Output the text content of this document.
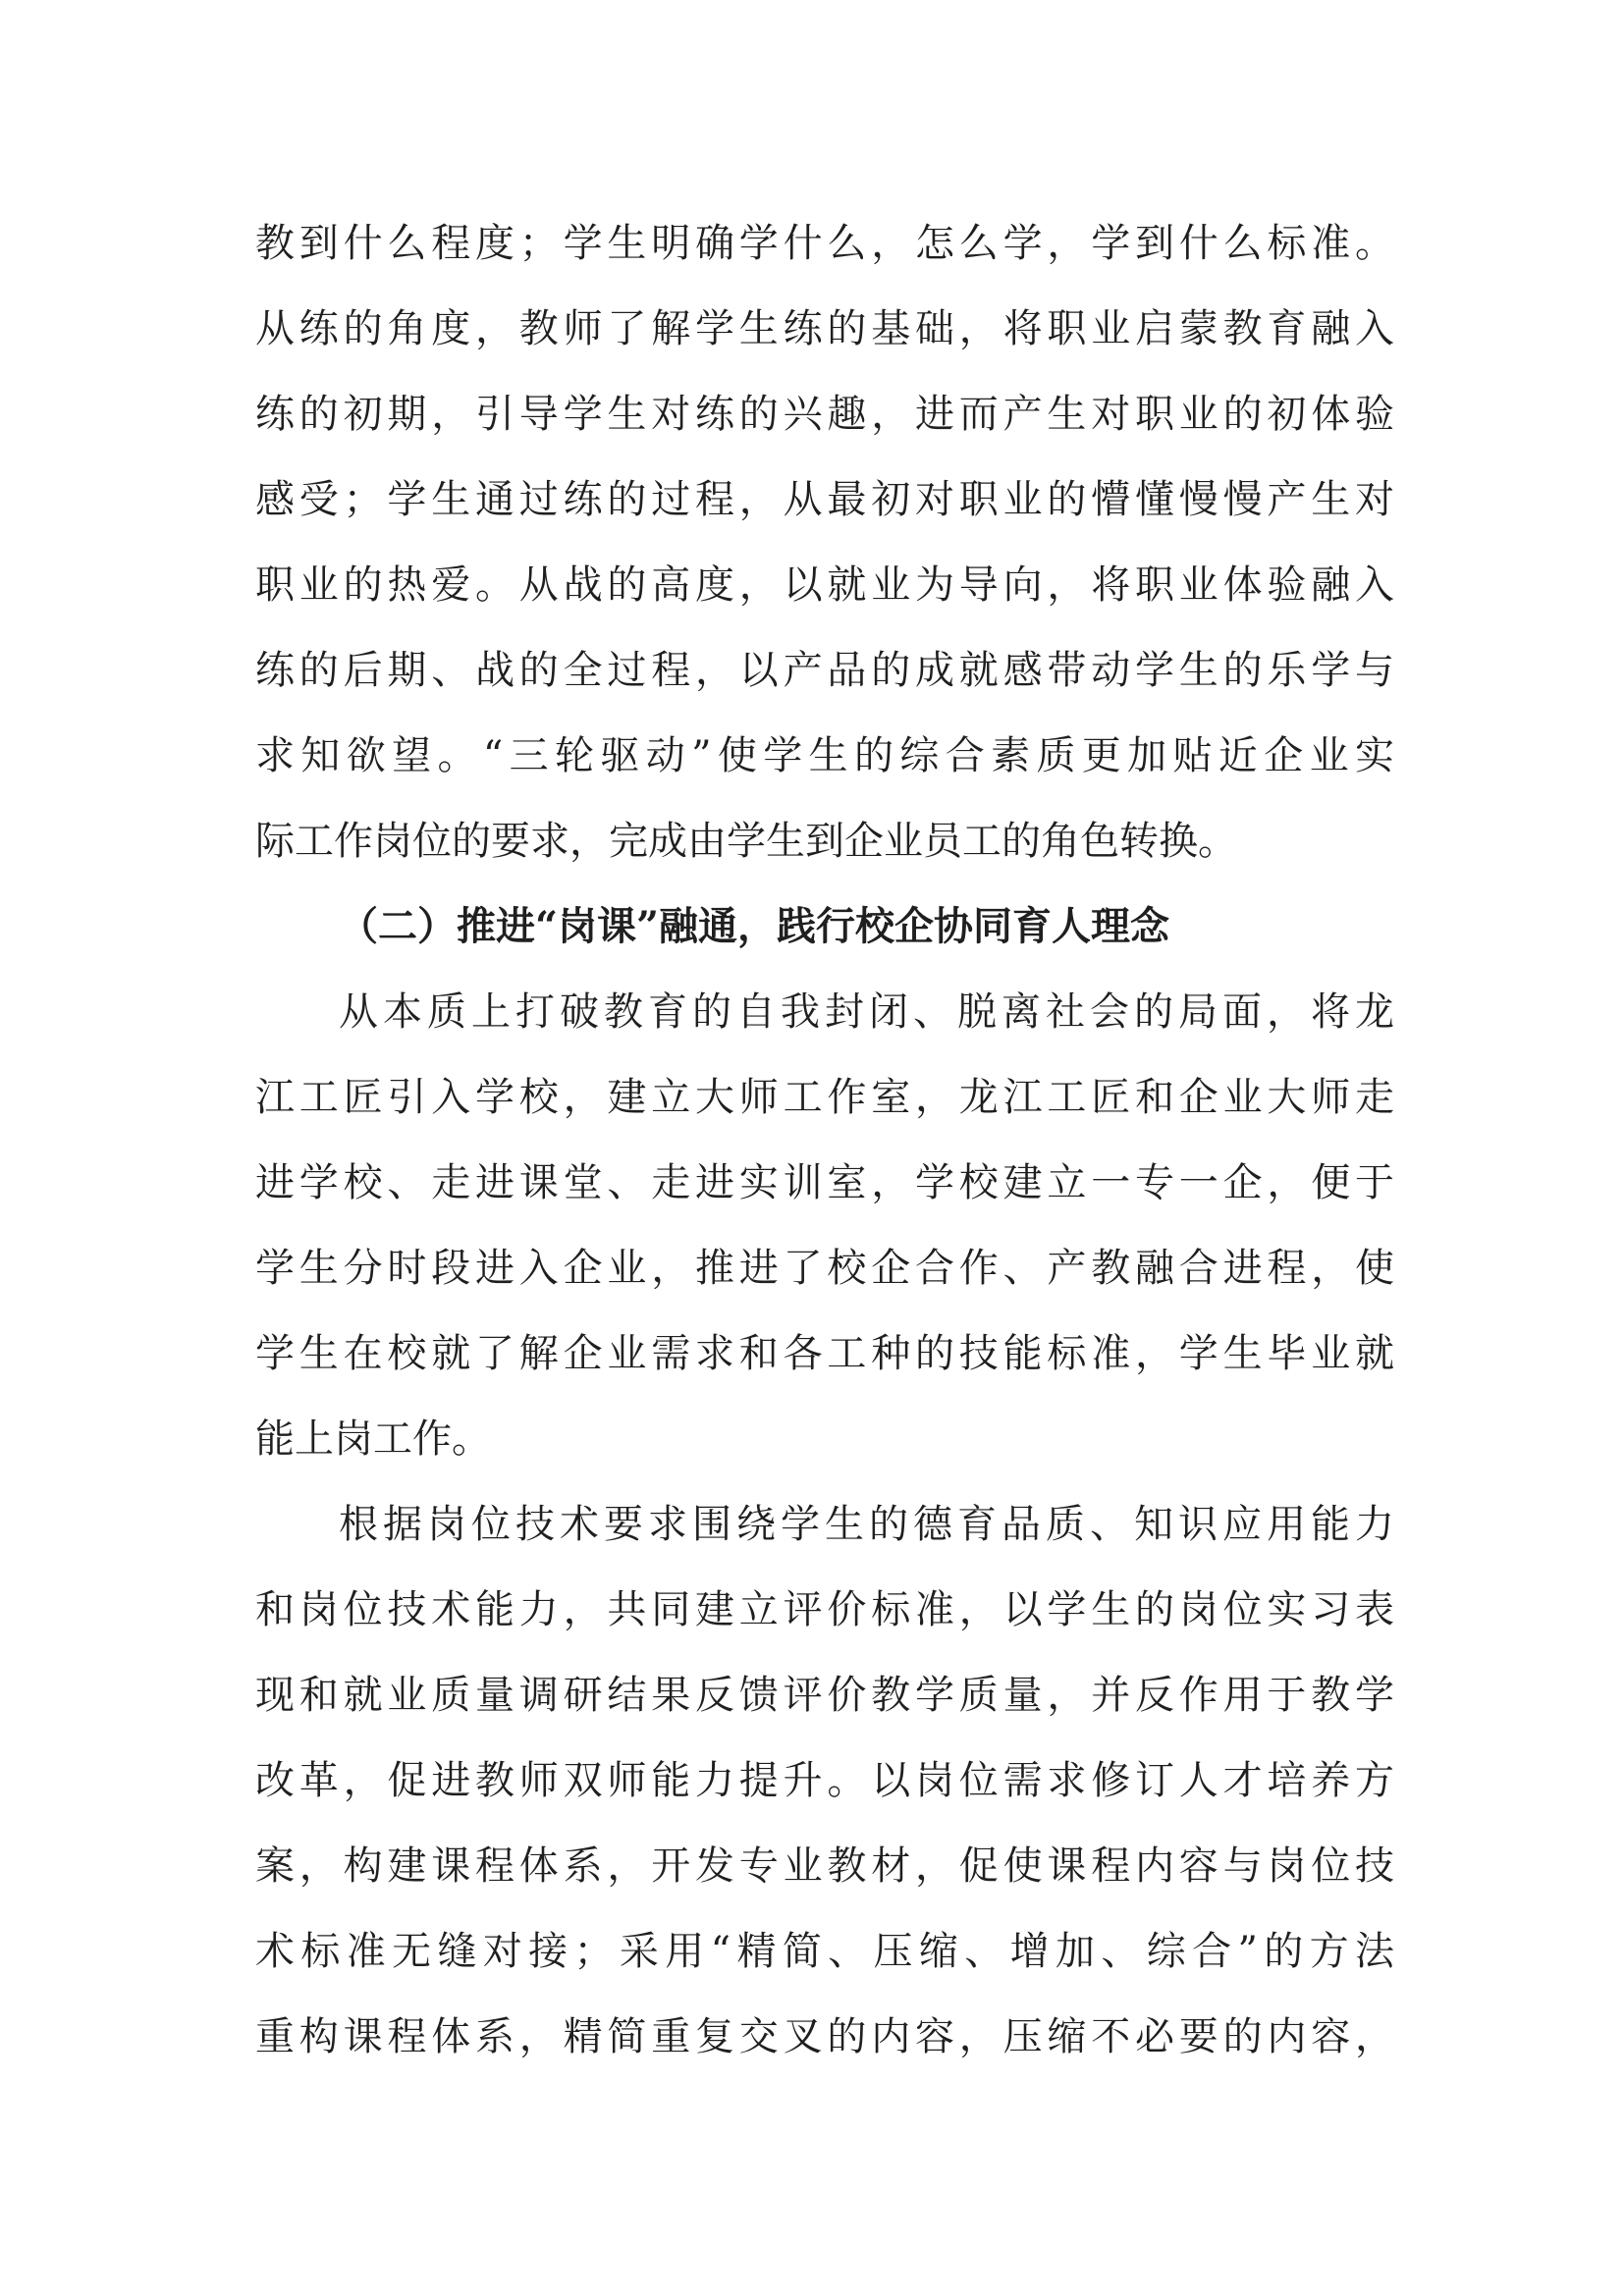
教到什么程度；学生明确学什么，怎么学，学到什么标准。
从练的角度，教师了解学生练的基础，将职业启蒙教育融入
练的初期，引导学生对练的兴趣，进而产生对职业的初体验
感受；学生通过练的过程，从最初对职业的懵懂慢慢产生对
职业的热爱。从战的高度，以就业为导向，将职业体验融入
练的后期、战的全过程，以产品的成就感带动学生的乐学与
求知欲望。“三轮驱动”使学生的综合素质更加贴近企业实
际工作岗位的要求，完成由学生到企业员工的角色转换。
（二）推进“岗课”融通，践行校企协同育人理念
从本质上打破教育的自我封闭、脱离社会的局面，将龙
江工匠引入学校，建立大师工作室，龙江工匠和企业大师走
进学校、走进课堂、走进实训室，学校建立一专一企，便于
学生分时段进入企业，推进了校企合作、产教融合进程，使
学生在校就了解企业需求和各工种的技能标准，学生毕业就
能上岗工作。
根据岗位技术要求围绕学生的德育品质、知识应用能力
和岗位技术能力，共同建立评价标准，以学生的岗位实习表
现和就业质量调研结果反馈评价教学质量，并反作用于教学
改革，促进教师双师能力提升。以岗位需求修订人才培养方
案，构建课程体系，开发专业教材，促使课程内容与岗位技
术标准无缝对接；采用“精简、压缩、增加、综合”的方法
重构课程体系，精简重复交叉的内容，压缩不必要的内容，
